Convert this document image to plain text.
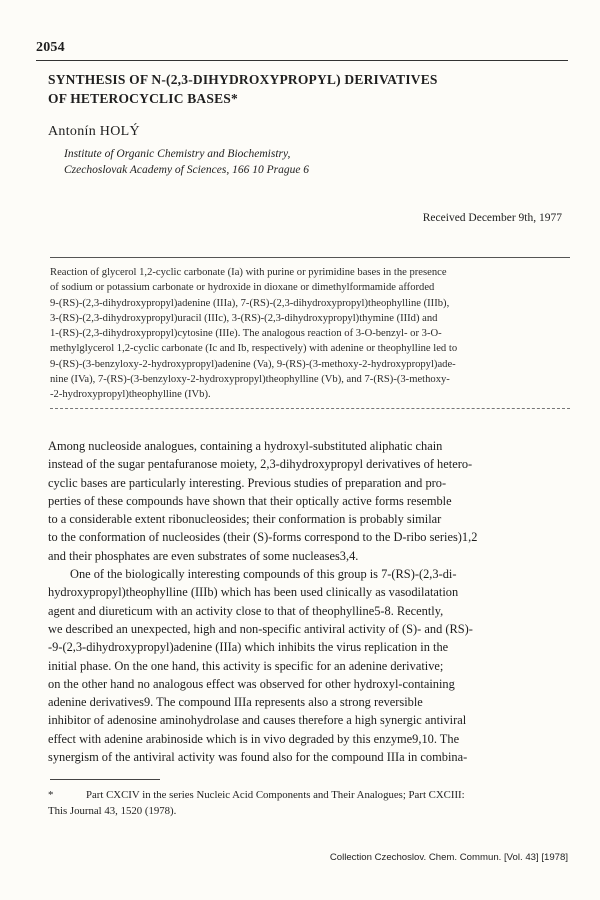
2054
SYNTHESIS OF N-(2,3-DIHYDROXYPROPYL) DERIVATIVES
OF HETEROCYCLIC BASES*
Antonín HOLÝ
Institute of Organic Chemistry and Biochemistry,
Czechoslovak Academy of Sciences, 166 10 Prague 6
Received December 9th, 1977
Reaction of glycerol 1,2-cyclic carbonate (Ia) with purine or pyrimidine bases in the presence
of sodium or potassium carbonate or hydroxide in dioxane or dimethylformamide afforded
9-(RS)-(2,3-dihydroxypropyl)adenine (IIIa), 7-(RS)-(2,3-dihydroxypropyl)theophylline (IIIb),
3-(RS)-(2,3-dihydroxypropyl)uracil (IIIc), 3-(RS)-(2,3-dihydroxypropyl)thymine (IIId) and
1-(RS)-(2,3-dihydroxypropyl)cytosine (IIIe). The analogous reaction of 3-O-benzyl- or 3-O-
methylglycerol 1,2-cyclic carbonate (Ic and Ib, respectively) with adenine or theophylline led to
9-(RS)-(3-benzyloxy-2-hydroxypropyl)adenine (Va), 9-(RS)-(3-methoxy-2-hydroxypropyl)ade-
nine (IVa), 7-(RS)-(3-benzyloxy-2-hydroxypropyl)theophylline (Vb), and 7-(RS)-(3-methoxy-
-2-hydroxypropyl)theophylline (IVb).
Among nucleoside analogues, containing a hydroxyl-substituted aliphatic chain
instead of the sugar pentafuranose moiety, 2,3-dihydroxypropyl derivatives of hetero-
cyclic bases are particularly interesting. Previous studies of preparation and pro-
perties of these compounds have shown that their optically active forms resemble
to a considerable extent ribonucleosides; their conformation is probably similar
to the conformation of nucleosides (their (S)-forms correspond to the D-ribo series)1,2
and their phosphates are even substrates of some nucleases3,4.
One of the biologically interesting compounds of this group is 7-(RS)-(2,3-di-
hydroxypropyl)theophylline (IIIb) which has been used clinically as vasodilatation
agent and diureticum with an activity close to that of theophylline5-8. Recently,
we described an unexpected, high and non-specific antiviral activity of (S)- and (RS)-
-9-(2,3-dihydroxypropyl)adenine (IIIa) which inhibits the virus replication in the
initial phase. On the one hand, this activity is specific for an adenine derivative;
on the other hand no analogous effect was observed for other hydroxyl-containing
adenine derivatives9. The compound IIIa represents also a strong reversible
inhibitor of adenosine aminohydrolase and causes therefore a high synergic antiviral
effect with adenine arabinoside which is in vivo degraded by this enzyme9,10. The
synergism of the antiviral activity was found also for the compound IIIa in combina-
*	Part CXCIV in the series Nucleic Acid Components and Their Analogues; Part CXCIII:
This Journal 43, 1520 (1978).
Collection Czechoslov. Chem. Commun. [Vol. 43] [1978]
